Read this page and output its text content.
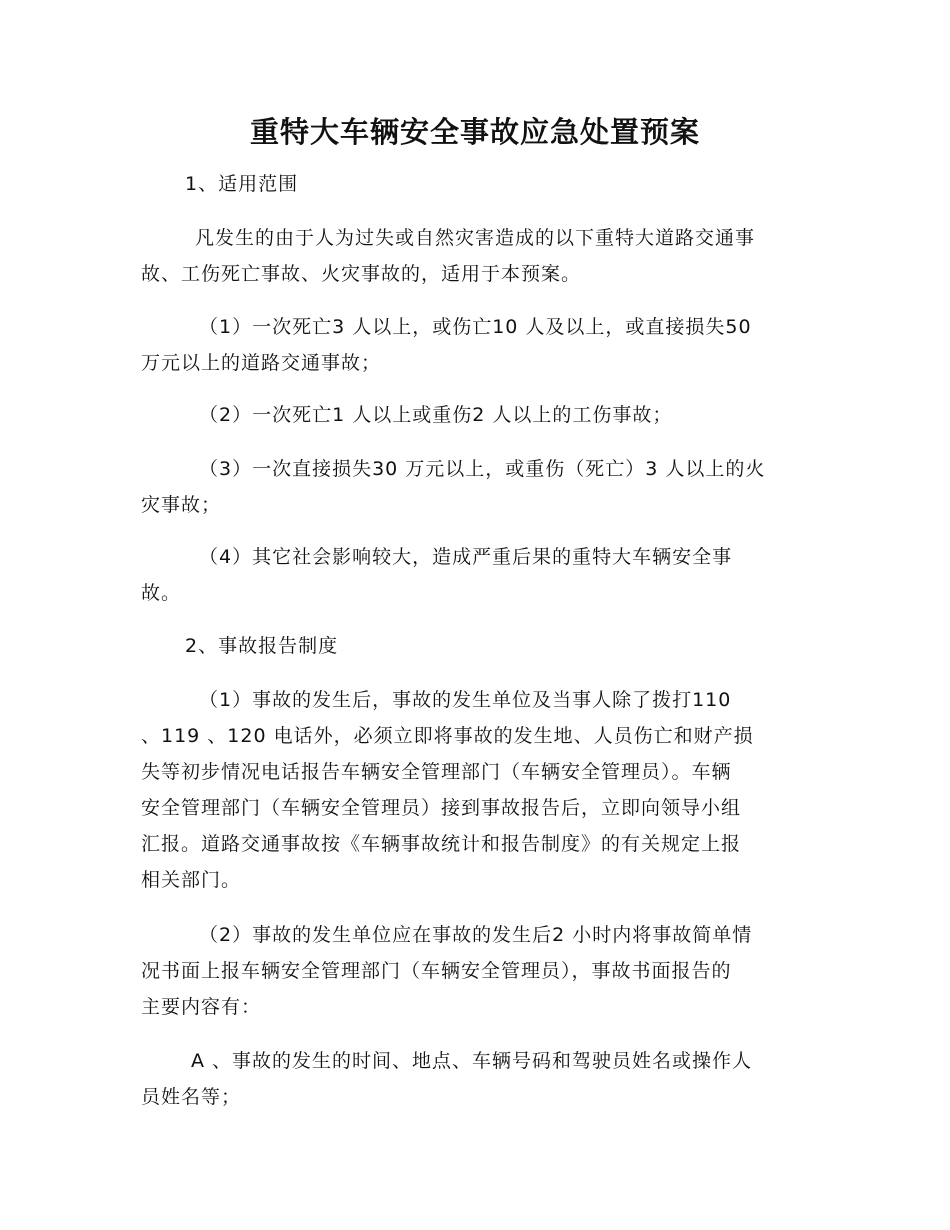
重特大车辆安全事故应急处置预案

1、适用范围

凡发生的由于人为过失或自然灾害造成的以下重特大道路交通事
故、工伤死亡事故、火灾事故的，适用于本预案。

（1）一次死亡3 人以上，或伤亡10 人及以上，或直接损失50
万元以上的道路交通事故；

（2）一次死亡1 人以上或重伤2 人以上的工伤事故；

（3）一次直接损失30 万元以上，或重伤（死亡）3 人以上的火
灾事故；

（4）其它社会影响较大，造成严重后果的重特大车辆安全事
故。

2、事故报告制度

（1）事故的发生后，事故的发生单位及当事人除了拨打110
、119 、120 电话外，必须立即将事故的发生地、人员伤亡和财产损
失等初步情况电话报告车辆安全管理部门（车辆安全管理员）。车辆
安全管理部门（车辆安全管理员）接到事故报告后，立即向领导小组
汇报。道路交通事故按《车辆事故统计和报告制度》的有关规定上报
相关部门。

（2）事故的发生单位应在事故的发生后2 小时内将事故简单情
况书面上报车辆安全管理部门（车辆安全管理员），事故书面报告的
主要内容有：

A 、事故的发生的时间、地点、车辆号码和驾驶员姓名或操作人
员姓名等；
